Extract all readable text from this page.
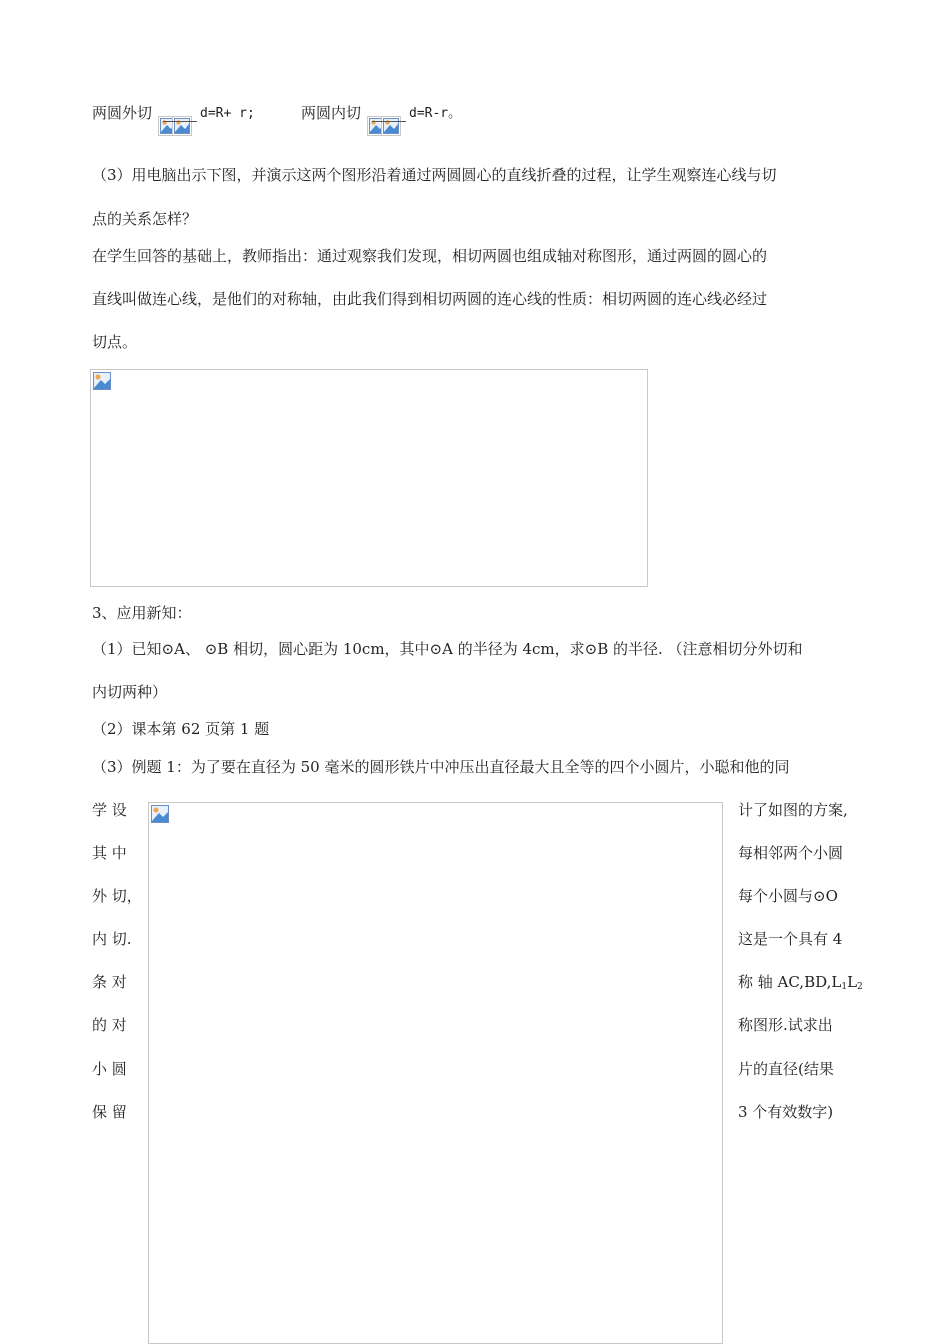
两圆外切	d=R+ r;	两圆内切	d=R-r。
（3）用电脑出示下图，并演示这两个图形沿着通过两圆圆心的直线折叠的过程，让学生观察连心线与切
点的关系怎样？
在学生回答的基础上，教师指出：通过观察我们发现，相切两圆也组成轴对称图形，通过两圆的圆心的
直线叫做连心线，是他们的对称轴，由此我们得到相切两圆的连心线的性质：相切两圆的连心线必经过
切点。
3、应用新知：
（1）已知⊙A、 ⊙B 相切，圆心距为 10cm，其中⊙A 的半径为 4cm，求⊙B 的半径. （注意相切分外切和
内切两种）
（2）课本第 62 页第 1 题
（3）例题 1：为了要在直径为 50 毫米的圆形铁片中冲压出直径最大且全等的四个小圆片，小聪和他的同
学 设
其 中
外 切，
内 切.
条 对
的 对
小 圆
保 留
计了如图的方案,
每相邻两个小圆
每个小圆与⊙O
这是一个具有 4
称 轴 $AC,BD,L_1L_2$
称图形.试求出
片的直径(结果
3 个有效数字)
